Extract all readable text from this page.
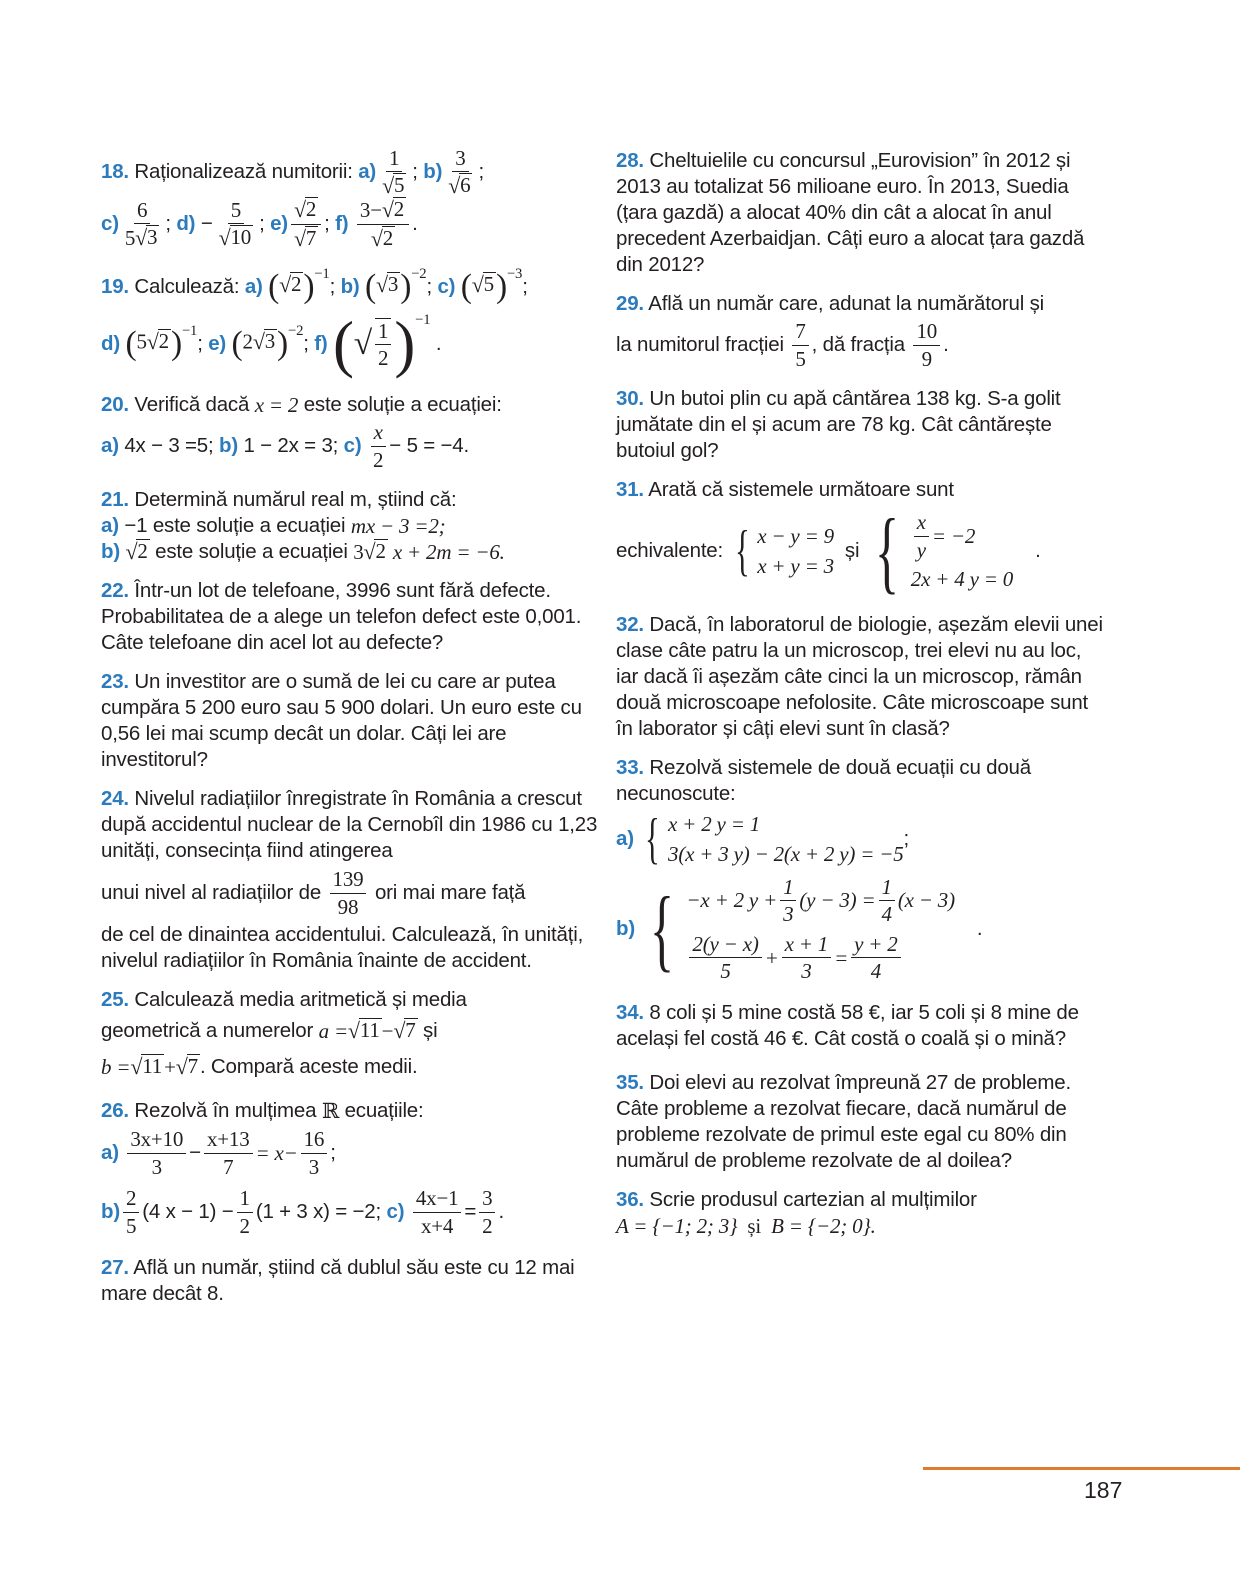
18.
Raționalizează numitorii:
$a) \frac{1}{√ 5}$ ; $b) \frac{3}{√ 6}$ ;
$c) \frac{6}{5 √ 3}$ ; d)
− $\frac{5}{√ 10}$ ; $e) \frac{√ 2}{√ 7}$ ; f)
$\frac{3- √ 2}{√ 2}$ .
19.
Calculează:
a)
( √ 2 )$^{-1}$
; b)
( √ 3 )$^{-2}$
; c)
( √ 5 )$^{-3}$
;
d)
(5 √ 2 )$^{-1}$
; e)
(2 √ 3 )$^{-2}$
; f)
( √ $\frac{1}{2} )^{-1}$
.
20.
Verifică dacă
x = 2
este soluție a ecuației:
a)
4x − 3 =5;
b)
1 − 2x = 3;
c)
$\frac{x}{2} - 5 = -4$.
21. Determină numărul real m, știind că:
a)
−1
este soluție a ecuației
mx − 3 =2;
b)
√ 2
este soluție a ecuației
3 √ 2 x + 2m = −6.
22. Într-un lot de telefoane, 3996 sunt fără defecte. Probabilitatea de a alege un telefon defect este 0,001. Câte telefoane din acel lot au defecte?
23. Un investitor are o sumă de lei cu care ar putea cumpăra 5 200 euro sau 5 900 dolari. Un euro este cu 0,56 lei mai scump decât un dolar. Câți lei are investitorul?
24. Nivelul radiațiilor înregistrate în România a crescut după accidentul nuclear de la Cernobîl din 1986 cu 1,23 unități, consecința fiind atingerea
unui nivel al radiațiilor de
$\frac{139}{98}$
ori mai mare față
de cel de dinaintea accidentului. Calculează, în unități, nivelul radiațiilor în România înainte de accident.
25. Calculează media aritmetică și media
geometrică a numerelor
a = √ 11 − √ 7
și
b = √ 11 + √ 7 . Compară aceste medii.
26.
Rezolvă în mulțimea
ℝ
ecuațiile:
a)
$\frac{3x+10}{3} - \frac{x+13}{7} = x- \frac{16}{3}$ ;
$b) \frac{2}{5} (4$ $x - 1) - \frac{1}{2} (1 + 3$ x) = −2;
c)
$\frac{4x-1}{x+4} = \frac{3}{2}$ .
27. Află un număr, știind că dublul său este cu 12 mai mare decât 8.
28. Cheltuielile cu concursul „Eurovision” în 2012 și 2013 au totalizat 56 milioane euro. În 2013, Suedia (țara gazdă) a alocat 40% din cât a alocat în anul precedent Azerbaidjan. Câți euro a alocat țara gazdă din 2012?
29. Află un număr care, adunat la numărătorul și
la numitorul fracției
$\frac{7}{5}$ , dă fracția
$\frac{10}{9}$ .
30. Un butoi plin cu apă cântărea 138 kg. S-a golit jumătate din el și acum are 78 kg. Cât cântărește butoiul gol?
31. Arată că sistemele următoare sunt
echivalente:
{ x − y = 9
x + y = 3

și
{ $\frac{x}{y} = -2$
2x + 4 y = 0

.
32. Dacă, în laboratorul de biologie, așezăm elevii unei clase câte patru la un microscop, trei elevi nu au loc, iar dacă îi așezăm câte cinci la un microscop, rămân două microscoape nefolosite. Câte microscoape sunt în laborator și câți elevi sunt în clasă?
33. Rezolvă sistemele de două ecuații cu două necunoscute:
a)
{ x + 2 y = 1
3(x + 3 y) − 2(x + 2 y) = −5
;
b)
{ −x + 2 $y + \frac{1}{3} (y - 3) = \frac{1}{4} (x - 3)$
$\frac{2(y - x)}{5} + \frac{x + 1}{3} = \frac{y + 2}{4}$

.
34. 8 coli și 5 mine costă 58 €, iar 5 coli și 8 mine de același fel costă 46 €. Cât costă o coală și o mină?
35. Doi elevi au rezolvat împreună 27 de probleme. Câte probleme a rezolvat fiecare, dacă numărul de probleme rezolvate de primul este egal cu 80% din numărul de probleme rezolvate de al doilea?
36. Scrie produsul cartezian al mulțimilor
A = {−1; 2; 3} și B = {−2; 0}.
187
